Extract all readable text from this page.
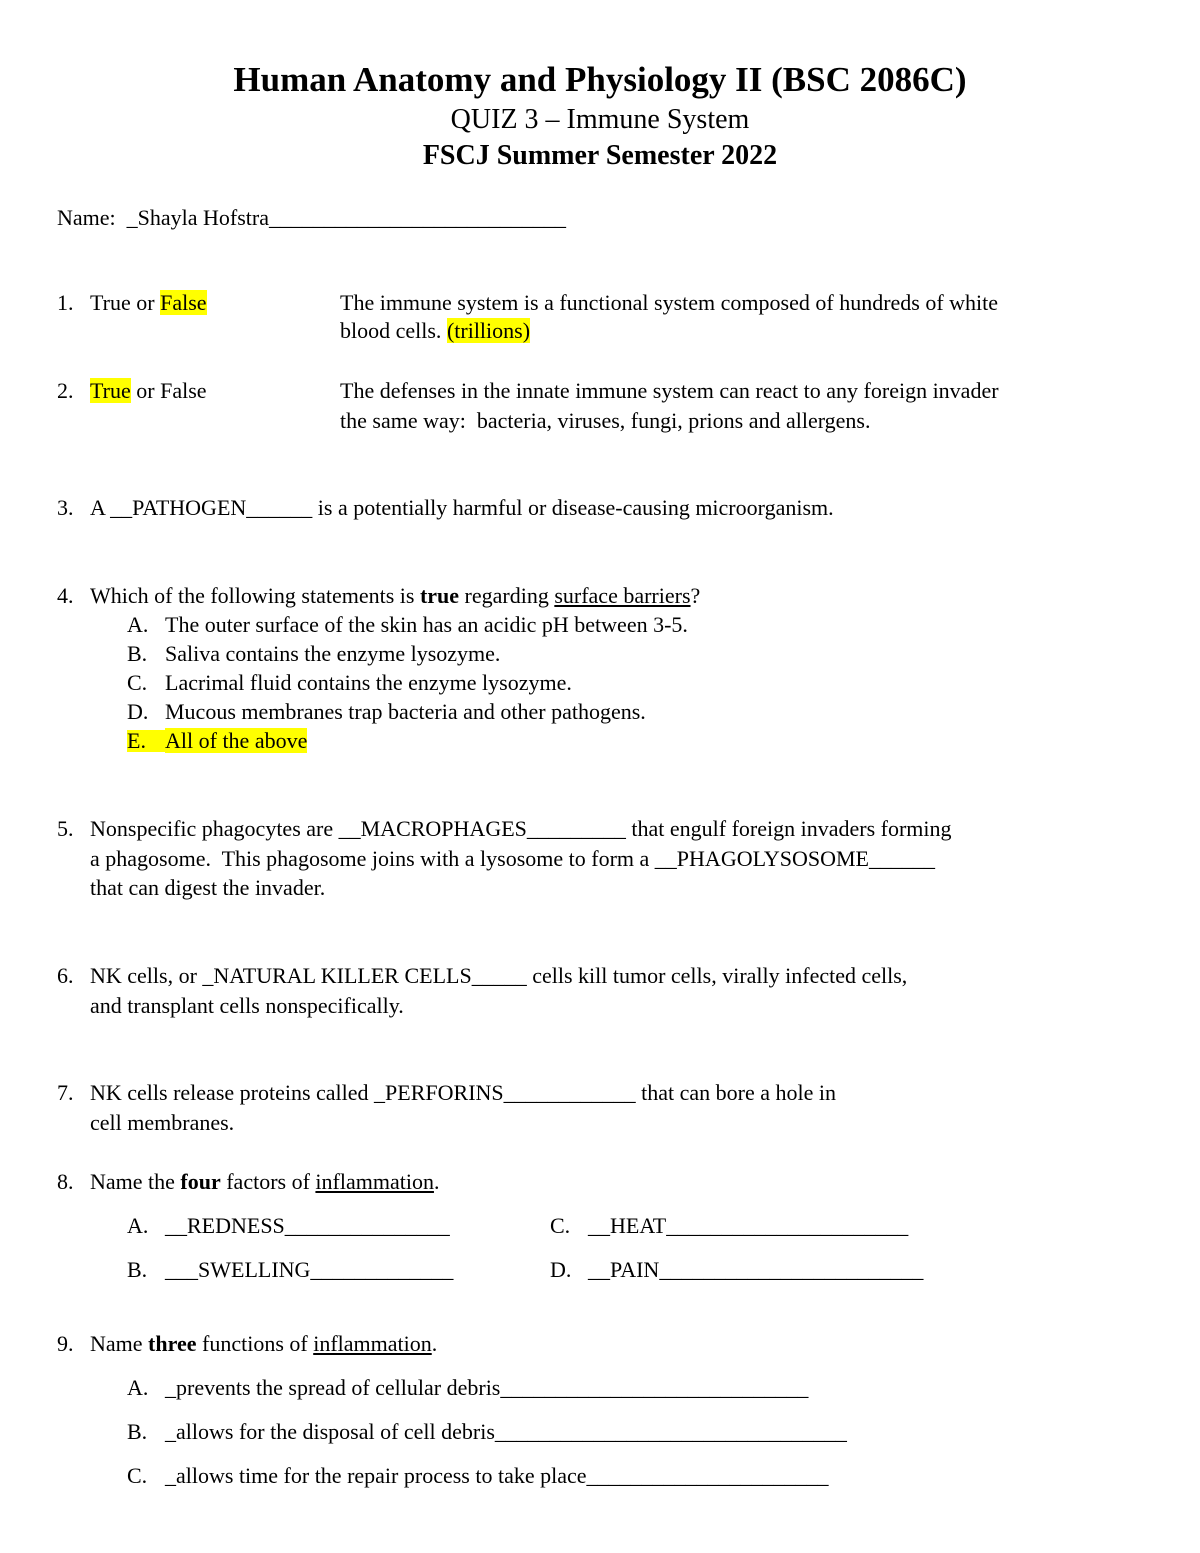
Human Anatomy and Physiology II (BSC 2086C)
QUIZ 3 – Immune System
FSCJ Summer Semester 2022
Name: _Shayla Hofstra___________________________
1. True or False	The immune system is a functional system composed of hundreds of white
blood cells. (trillions)
2. True or False	The defenses in the innate immune system can react to any foreign invader
the same way:  bacteria, viruses, fungi, prions and allergens.
3. A __PATHOGEN______ is a potentially harmful or disease-causing microorganism.
4. Which of the following statements is true regarding surface barriers?
A. The outer surface of the skin has an acidic pH between 3-5.
B. Saliva contains the enzyme lysozyme.
C. Lacrimal fluid contains the enzyme lysozyme.
D. Mucous membranes trap bacteria and other pathogens.
E. All of the above
5. Nonspecific phagocytes are __MACROPHAGES_________ that engulf foreign invaders forming
a phagosome.  This phagosome joins with a lysosome to form a __PHAGOLYSOSOME______
that can digest the invader.
6. NK cells, or _NATURAL KILLER CELLS_____ cells kill tumor cells, virally infected cells,
and transplant cells nonspecifically.
7. NK cells release proteins called _PERFORINS____________ that can bore a hole in
cell membranes.
8. Name the four factors of inflammation.
A. __REDNESS_______________	C. __HEAT______________________
B. ___SWELLING_____________	D. __PAIN________________________
9. Name three functions of inflammation.
A. _prevents the spread of cellular debris____________________________
B. _allows for the disposal of cell debris________________________________
C. _allows time for the repair process to take place______________________
